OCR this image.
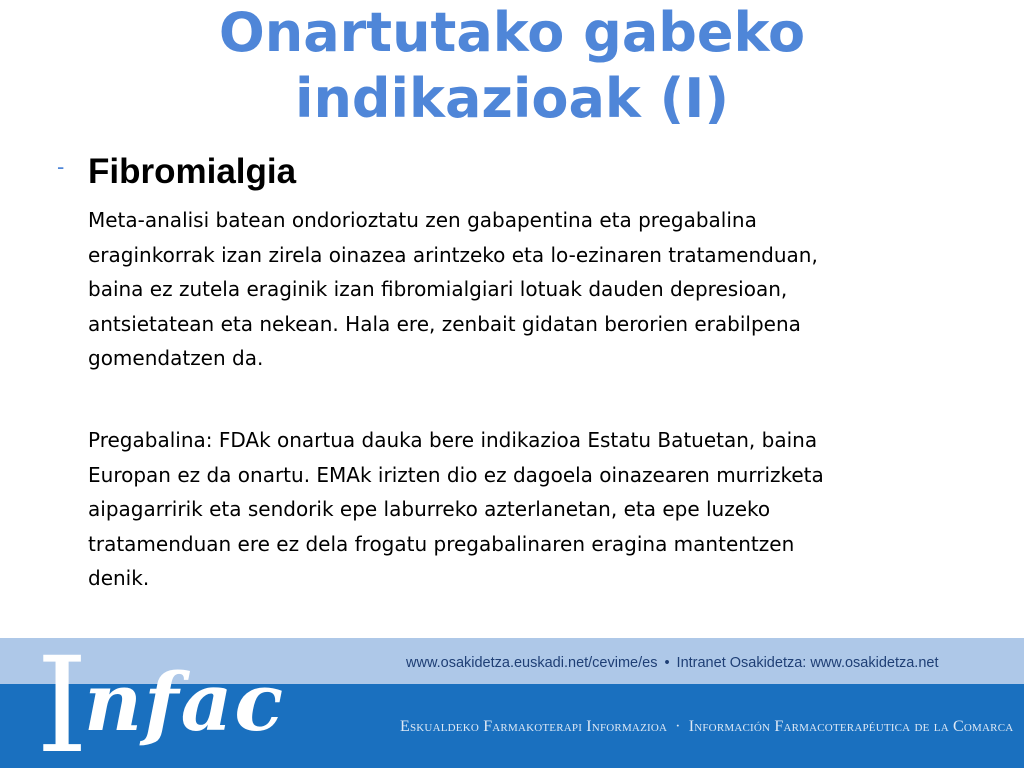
Onartutako gabeko
indikazioak (I)
- Fibromialgia
Meta-analisi batean ondorioztatu zen gabapentina eta pregabalina
eraginkorrak izan zirela oinazea arintzeko eta lo-ezinaren tratamenduan,
baina ez zutela eraginik izan fibromialgiari lotuak dauden depresioan,
antsietatean eta nekean. Hala ere, zenbait gidatan berorien erabilpena
gomendatzen da.
Pregabalina: FDAk onartua dauka bere indikazioa Estatu Batuetan, baina
Europan ez da onartu. EMAk irizten dio ez dagoela oinazearen murrizketa
aipagarririk eta sendorik epe laburreko azterlanetan, eta epe luzeko
tratamenduan ere ez dela frogatu pregabalinaren eragina mantentzen
denik.
I
nfac	www.osakidetza.euskadi.net/cevime/es • Intranet Osakidetza: www.osakidetza.net
Eskualdeko Farmakoterapi Informazioa · Información Farmacoterapéutica de la Comarca
